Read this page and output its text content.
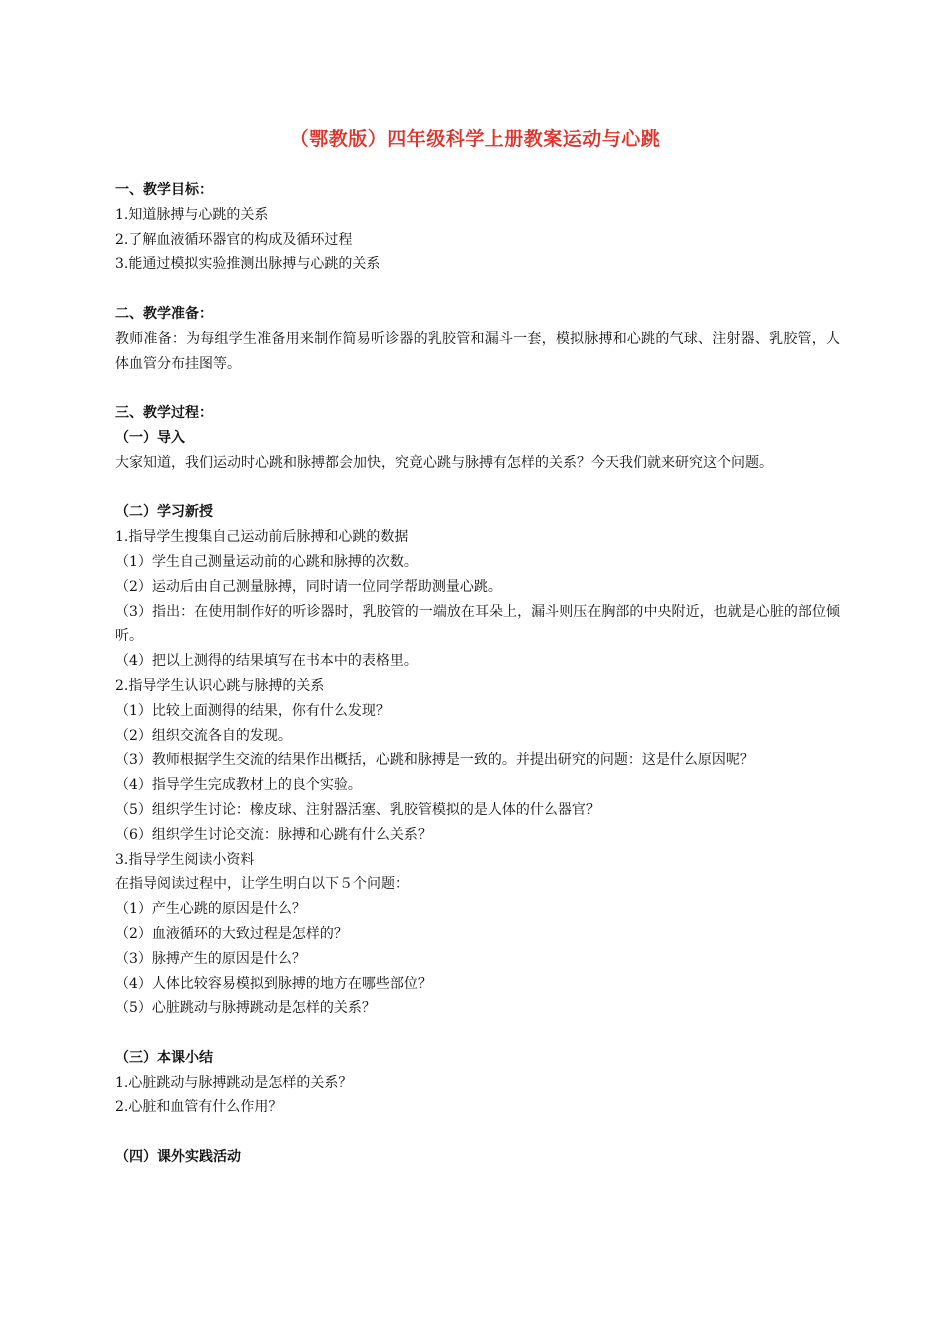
（鄂教版）四年级科学上册教案运动与心跳
一、教学目标：
1.知道脉搏与心跳的关系
2.了解血液循环器官的构成及循环过程
3.能通过模拟实验推测出脉搏与心跳的关系
二、教学准备：
教师准备：为每组学生准备用来制作简易听诊器的乳胶管和漏斗一套，模拟脉搏和心跳的气球、注射器、乳胶管，人体血管分布挂图等。
三、教学过程：
（一）导入
大家知道，我们运动时心跳和脉搏都会加快，究竟心跳与脉搏有怎样的关系？今天我们就来研究这个问题。
（二）学习新授
1.指导学生搜集自己运动前后脉搏和心跳的数据
（1）学生自己测量运动前的心跳和脉搏的次数。
（2）运动后由自己测量脉搏，同时请一位同学帮助测量心跳。
（3）指出：在使用制作好的听诊器时，乳胶管的一端放在耳朵上，漏斗则压在胸部的中央附近，也就是心脏的部位倾听。
（4）把以上测得的结果填写在书本中的表格里。
2.指导学生认识心跳与脉搏的关系
（1）比较上面测得的结果，你有什么发现？
（2）组织交流各自的发现。
（3）教师根据学生交流的结果作出概括，心跳和脉搏是一致的。并提出研究的问题：这是什么原因呢？
（4）指导学生完成教材上的良个实验。
（5）组织学生讨论：橡皮球、注射器活塞、乳胶管模拟的是人体的什么器官？
（6）组织学生讨论交流：脉搏和心跳有什么关系？
3.指导学生阅读小资料
在指导阅读过程中，让学生明白以下５个问题：
（1）产生心跳的原因是什么？
（2）血液循环的大致过程是怎样的？
（3）脉搏产生的原因是什么？
（4）人体比较容易模拟到脉搏的地方在哪些部位？
（5）心脏跳动与脉搏跳动是怎样的关系？
（三）本课小结
1.心脏跳动与脉搏跳动是怎样的关系？
2.心脏和血管有什么作用？
（四）课外实践活动
